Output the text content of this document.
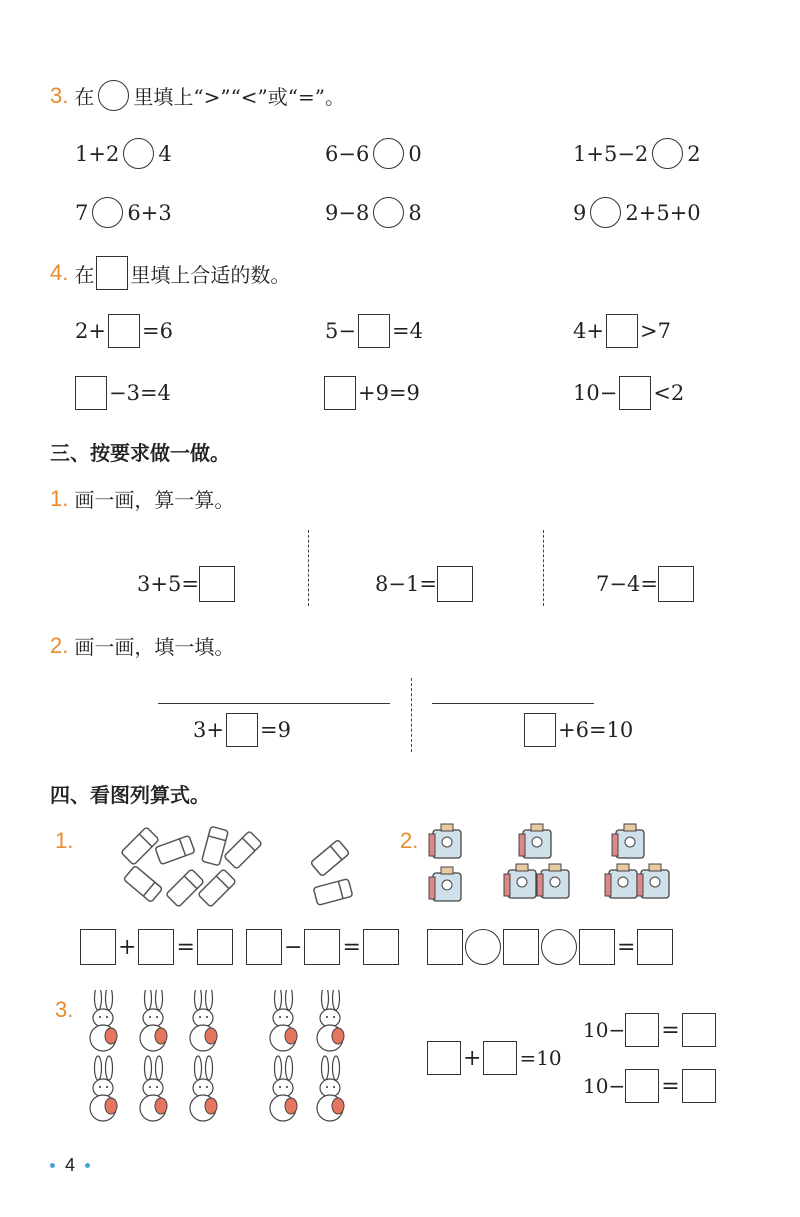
3. 在 里填上“>”“<”或“=”。
1+2 4	6−6 0	1+5−2 2
7 6+3	9−8 8	9 2+5+0
4. 在 里填上合适的数。
2+ =6	5− =4	4+ >7
−3=4	+9=9	10− <2
三、按要求做一做。
1. 画一画，算一算。
3+5=	8−1=	7−4=
2. 画一画，填一填。
3+ =9	+6=10
四、看图列算式。
1.	2.
+ =	− =	=
3.
+ =10
10− =
10− =
4
